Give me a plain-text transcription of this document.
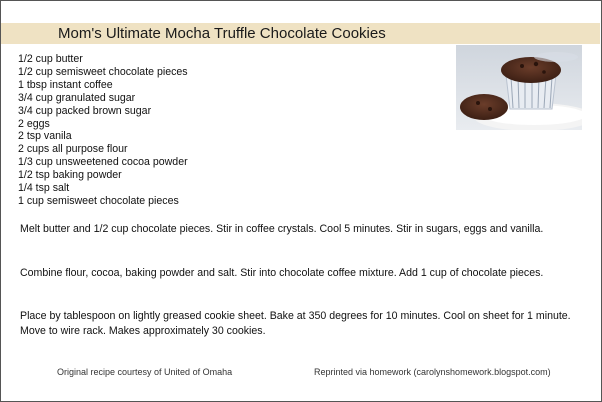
Mom's Ultimate Mocha Truffle Chocolate Cookies
1/2 cup butter
1/2 cup semisweet chocolate pieces
1 tbsp instant coffee
3/4 cup granulated sugar
3/4 cup packed brown sugar
2 eggs
2 tsp vanila
2 cups all purpose flour
1/3 cup unsweetened cocoa powder
1/2 tsp baking powder
1/4 tsp salt
1 cup semisweet chocolate pieces

Melt butter and 1/2 cup chocolate pieces. Stir in coffee crystals. Cool 5 minutes. Stir in sugars, eggs and vanilla.

Combine flour, cocoa, baking powder and salt. Stir into chocolate coffee mixture. Add 1 cup of chocolate pieces.

Place by tablespoon on lightly greased cookie sheet. Bake at 350 degrees for 10 minutes. Cool on sheet for 1 minute. Move to wire rack. Makes approximately 30 cookies.

Original recipe courtesy of United of Omaha	Reprinted via homework (carolynshomework.blogspot.com)
